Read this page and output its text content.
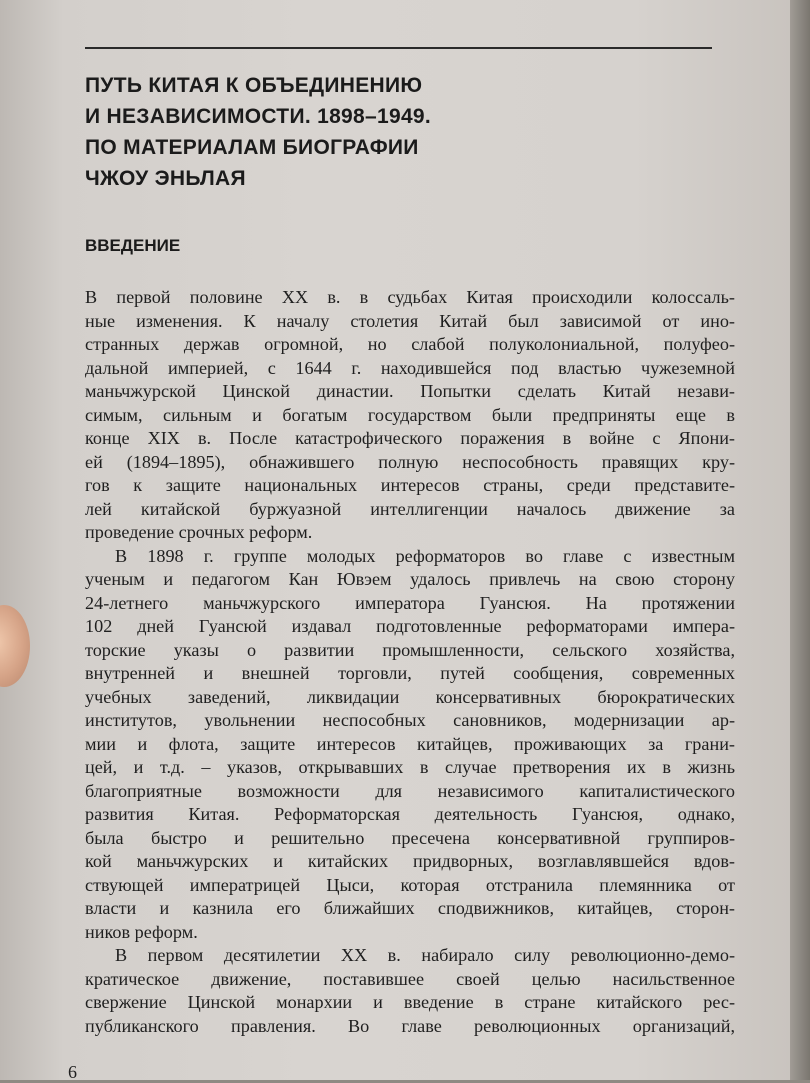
ПУТЬ КИТАЯ К ОБЪЕДИНЕНИЮ
И НЕЗАВИСИМОСТИ. 1898–1949.
ПО МАТЕРИАЛАМ БИОГРАФИИ
ЧЖОУ ЭНЬЛАЯ
ВВЕДЕНИЕ
В первой половине XX в. в судьбах Китая происходили колоссаль-
ные изменения. К началу столетия Китай был зависимой от ино-
странных держав огромной, но слабой полуколониальной, полуфео-
дальной империей, с 1644 г. находившейся под властью чужеземной
маньчжурской Цинской династии. Попытки сделать Китай незави-
симым, сильным и богатым государством были предприняты еще в
конце XIX в. После катастрофического поражения в войне с Япони-
ей (1894–1895), обнажившего полную неспособность правящих кру-
гов к защите национальных интересов страны, среди представите-
лей китайской буржуазной интеллигенции началось движение за
проведение срочных реформ.
В 1898 г. группе молодых реформаторов во главе с известным
ученым и педагогом Кан Ювэем удалось привлечь на свою сторону
24-летнего маньчжурского императора Гуансюя. На протяжении
102 дней Гуансюй издавал подготовленные реформаторами импера-
торские указы о развитии промышленности, сельского хозяйства,
внутренней и внешней торговли, путей сообщения, современных
учебных заведений, ликвидации консервативных бюрократических
институтов, увольнении неспособных сановников, модернизации ар-
мии и флота, защите интересов китайцев, проживающих за грани-
цей, и т.д. – указов, открывавших в случае претворения их в жизнь
благоприятные возможности для независимого капиталистического
развития Китая. Реформаторская деятельность Гуансюя, однако,
была быстро и решительно пресечена консервативной группиров-
кой маньчжурских и китайских придворных, возглавлявшейся вдов-
ствующей императрицей Цыси, которая отстранила племянника от
власти и казнила его ближайших сподвижников, китайцев, сторон-
ников реформ.
В первом десятилетии XX в. набирало силу революционно-демо-
кратическое движение, поставившее своей целью насильственное
свержение Цинской монархии и введение в стране китайского рес-
публиканского правления. Во главе революционных организаций,
6
